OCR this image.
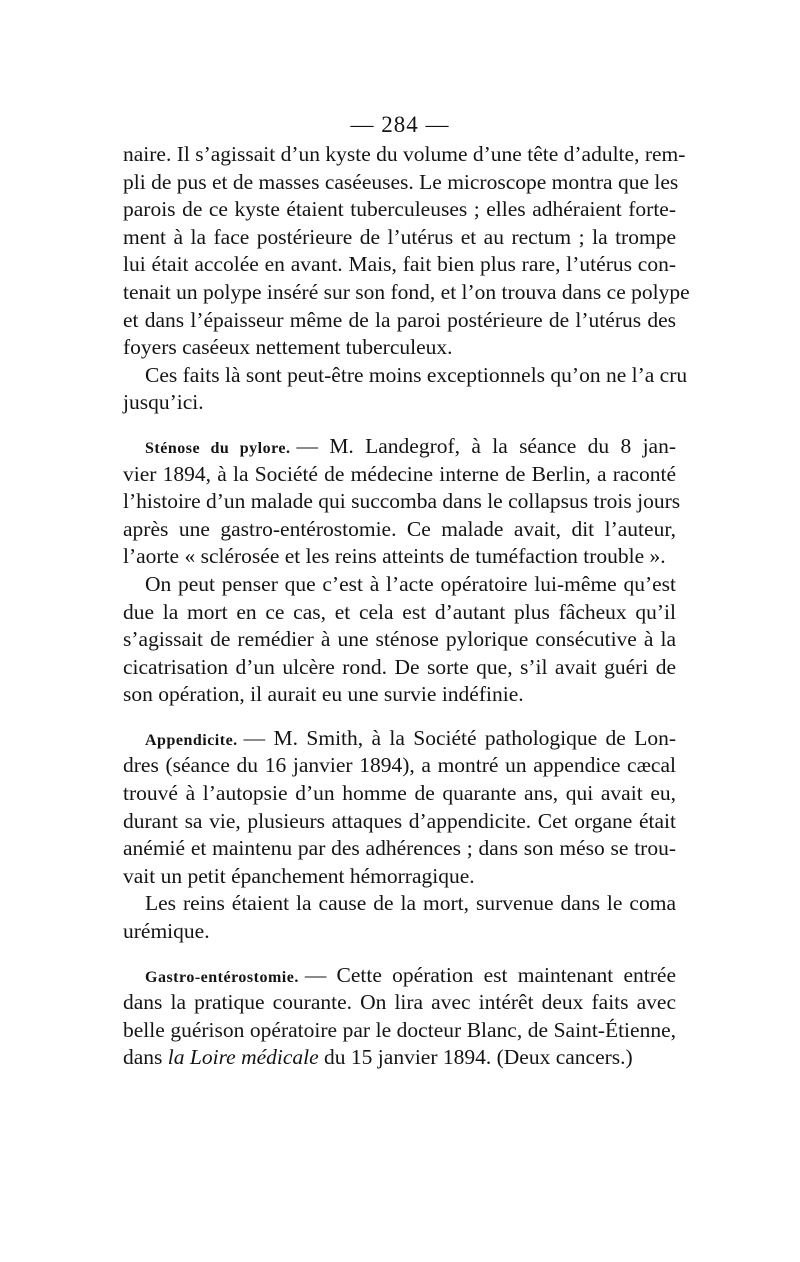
— 284 —
naire. Il s’agissait d’un kyste du volume d’une tête d’adulte, rem-
pli de pus et de masses caséeuses. Le microscope montra que les
parois de ce kyste étaient tuberculeuses ; elles adhéraient forte-
ment à la face postérieure de l’utérus et au rectum ; la trompe
lui était accolée en avant. Mais, fait bien plus rare, l’utérus con-
tenait un polype inséré sur son fond, et l’on trouva dans ce polype
et dans l’épaisseur même de la paroi postérieure de l’utérus des
foyers caséeux nettement tuberculeux.
Ces faits là sont peut-être moins exceptionnels qu’on ne l’a cru
jusqu’ici.
Sténose du pylore. — M. Landegrof, à la séance du 8 jan-
vier 1894, à la Société de médecine interne de Berlin, a raconté
l’histoire d’un malade qui succomba dans le collapsus trois jours
après une gastro-entérostomie. Ce malade avait, dit l’auteur,
l’aorte « sclérosée et les reins atteints de tuméfaction trouble ».
On peut penser que c’est à l’acte opératoire lui-même qu’est
due la mort en ce cas, et cela est d’autant plus fâcheux qu’il
s’agissait de remédier à une sténose pylorique consécutive à la
cicatrisation d’un ulcère rond. De sorte que, s’il avait guéri de
son opération, il aurait eu une survie indéfinie.
Appendicite. — M. Smith, à la Société pathologique de Lon-
dres (séance du 16 janvier 1894), a montré un appendice cæcal
trouvé à l’autopsie d’un homme de quarante ans, qui avait eu,
durant sa vie, plusieurs attaques d’appendicite. Cet organe était
anémié et maintenu par des adhérences ; dans son méso se trou-
vait un petit épanchement hémorragique.
Les reins étaient la cause de la mort, survenue dans le coma
urémique.
Gastro-entérostomie. — Cette opération est maintenant entrée
dans la pratique courante. On lira avec intérêt deux faits avec
belle guérison opératoire par le docteur Blanc, de Saint-Étienne,
dans la Loire médicale du 15 janvier 1894. (Deux cancers.)
